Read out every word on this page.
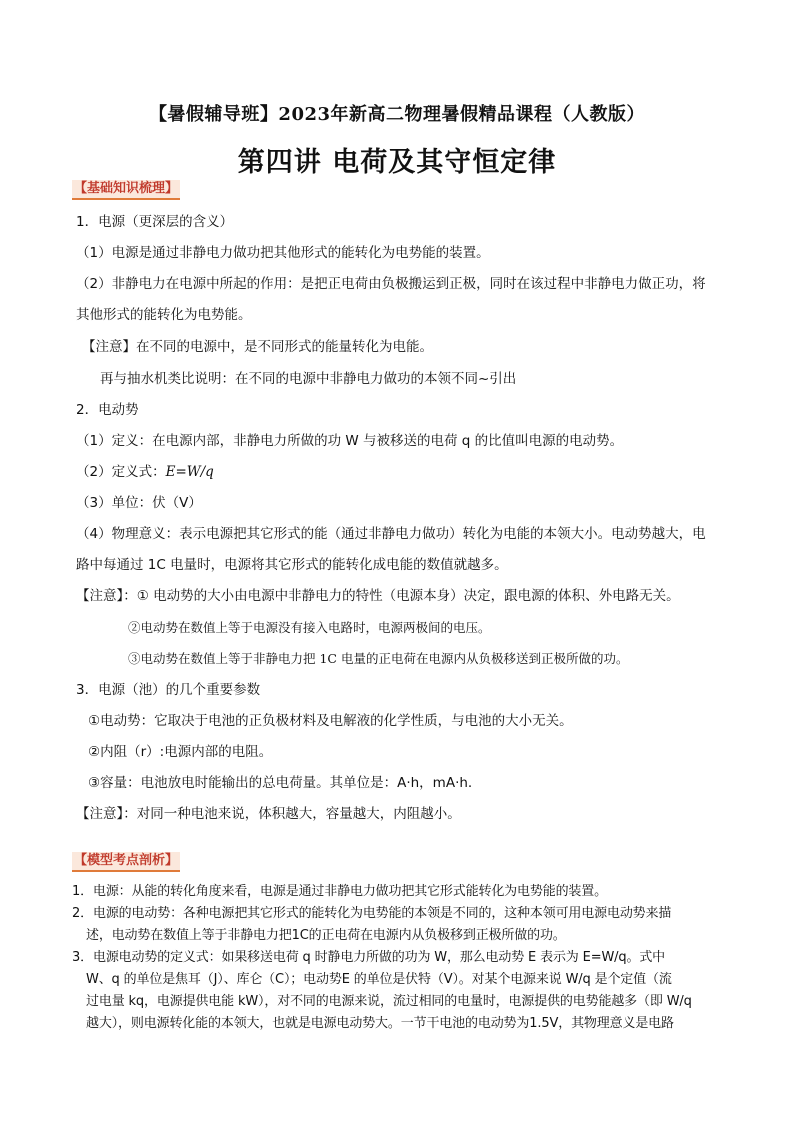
【暑假辅导班】2023年新高二物理暑假精品课程（人教版）
第四讲 电荷及其守恒定律
【基础知识梳理】
1．电源（更深层的含义）
（1）电源是通过非静电力做功把其他形式的能转化为电势能的装置。
（2）非静电力在电源中所起的作用：是把正电荷由负极搬运到正极，同时在该过程中非静电力做正功，将
其他形式的能转化为电势能。
【注意】在不同的电源中，是不同形式的能量转化为电能。
再与抽水机类比说明：在不同的电源中非静电力做功的本领不同~引出
2．电动势
（1）定义：在电源内部，非静电力所做的功 W 与被移送的电荷 q 的比值叫电源的电动势。
（2）定义式：E=W/q
（3）单位：伏（V）
（4）物理意义：表示电源把其它形式的能（通过非静电力做功）转化为电能的本领大小。电动势越大，电
路中每通过 1C 电量时，电源将其它形式的能转化成电能的数值就越多。
【注意】：① 电动势的大小由电源中非静电力的特性（电源本身）决定，跟电源的体积、外电路无关。
②电动势在数值上等于电源没有接入电路时，电源两极间的电压。
③电动势在数值上等于非静电力把 1C 电量的正电荷在电源内从负极移送到正极所做的功。
3．电源（池）的几个重要参数
①电动势：它取决于电池的正负极材料及电解液的化学性质，与电池的大小无关。
②内阻（r）:电源内部的电阻。
③容量：电池放电时能输出的总电荷量。其单位是：A·h，mA·h.
【注意】：对同一种电池来说，体积越大，容量越大，内阻越小。
【模型考点剖析】
1．电源：从能的转化角度来看，电源是通过非静电力做功把其它形式能转化为电势能的装置。
2．电源的电动势：各种电源把其它形式的能转化为电势能的本领是不同的，这种本领可用电源电动势来描
述，电动势在数值上等于非静电力把1C的正电荷在电源内从负极移到正极所做的功。
3．电源电动势的定义式：如果移送电荷 q 时静电力所做的功为 W，那么电动势 E 表示为 E=W/q。式中
W、q 的单位是焦耳（J）、库仑（C）；电动势E 的单位是伏特（V）。对某个电源来说 W/q 是个定值（流
过电量 kq，电源提供电能 kW），对不同的电源来说，流过相同的电量时，电源提供的电势能越多（即 W/q
越大），则电源转化能的本领大，也就是电源电动势大。一节干电池的电动势为1.5V，其物理意义是电路
